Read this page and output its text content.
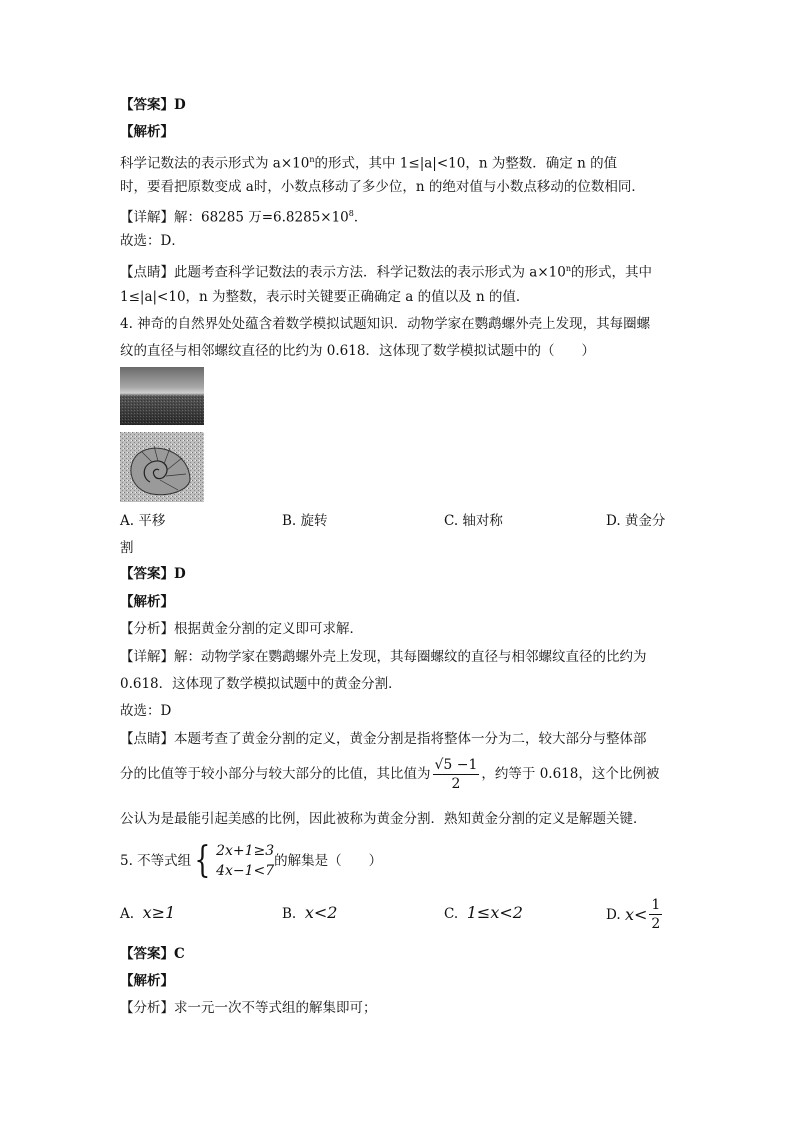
【答案】D
【解析】
科学记数法的表示形式为 $a\times 10^n$的形式，其中 1≤|a|<10，n 为整数．确定 n 的值
时，要看把原数变成 a时，小数点移动了多少位，n 的绝对值与小数点移动的位数相同．
【详解】解：68285 万$=6.8285\times 10^8$．
故选：D．
【点睛】此题考查科学记数法的表示方法．科学记数法的表示形式为 $a\times 10^n$的形式，其中
1≤|a|<10，n 为整数，表示时关键要正确确定 a 的值以及 n 的值．
4. 神奇的自然界处处蕴含着数学模拟试题知识．动物学家在鹦鹉螺外壳上发现，其每圈螺
纹的直径与相邻螺纹直径的比约为 0.618．这体现了数学模拟试题中的（　　）
A. 平移	B. 旋转	C. 轴对称	D. 黄金分
割
【答案】D
【解析】
【分析】根据黄金分割的定义即可求解．
【详解】解：动物学家在鹦鹉螺外壳上发现，其每圈螺纹的直径与相邻螺纹直径的比约为
0.618．这体现了数学模拟试题中的黄金分割．
故选：D
【点睛】本题考查了黄金分割的定义，黄金分割是指将整体一分为二，较大部分与整体部
分的比值等于较小部分与较大部分的比值，其比值为 $\frac{√5 -1}{2}$ ，约等于 0.618，这个比例被
公认为是最能引起美感的比例，因此被称为黄金分割．熟知黄金分割的定义是解题关键．
5. 不等式组 { 2x+1≥3
4x−1<7
的解集是（　　）
A. x≥1	B. x<2	C. 1≤x<2	D.
$x< \frac{1}{2}$
【答案】C
【解析】
【分析】求一元一次不等式组的解集即可；
